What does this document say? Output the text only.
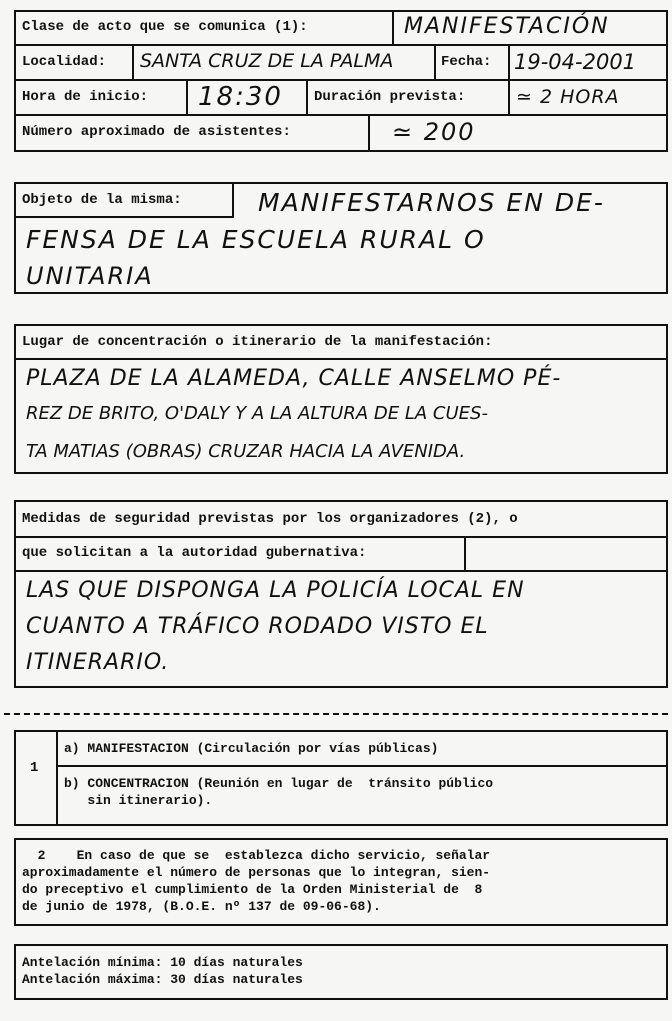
Clase de acto que se comunica (1):	MANIFESTACIÓN
Localidad: SANTA CRUZ DE LA PALMA	Fecha: 19-04-2001
Hora de inicio: 18:30 Duración prevista:	≃ 2 HORA
Número aproximado de asistentes:	≃ 200
Objeto de la misma:	MANIFESTARNOS EN DE-
FENSA DE LA ESCUELA RURAL O
UNITARIA
Lugar de concentración o itinerario de la manifestación:
PLAZA DE LA ALAMEDA, CALLE ANSELMO PÉ-
REZ DE BRITO, O'DALY Y A LA ALTURA DE LA CUES-
TA MATIAS (OBRAS) CRUZAR HACIA LA AVENIDA.
Medidas de seguridad previstas por los organizadores (2), o
que solicitan a la autoridad gubernativa:
LAS QUE DISPONGA LA POLICÍA LOCAL EN
CUANTO A TRÁFICO RODADO VISTO EL
ITINERARIO.
1
a) MANIFESTACION (Circulación por vías públicas)
b) CONCENTRACION (Reunión en lugar de  tránsito público
sin itinerario).
2    En caso de que se  establezca dicho servicio, señalar
aproximadamente el número de personas que lo integran, sien-
do preceptivo el cumplimiento de la Orden Ministerial de  8
de junio de 1978, (B.O.E. nº 137 de 09-06-68).
Antelación mínima: 10 días naturales
Antelación máxima: 30 días naturales
